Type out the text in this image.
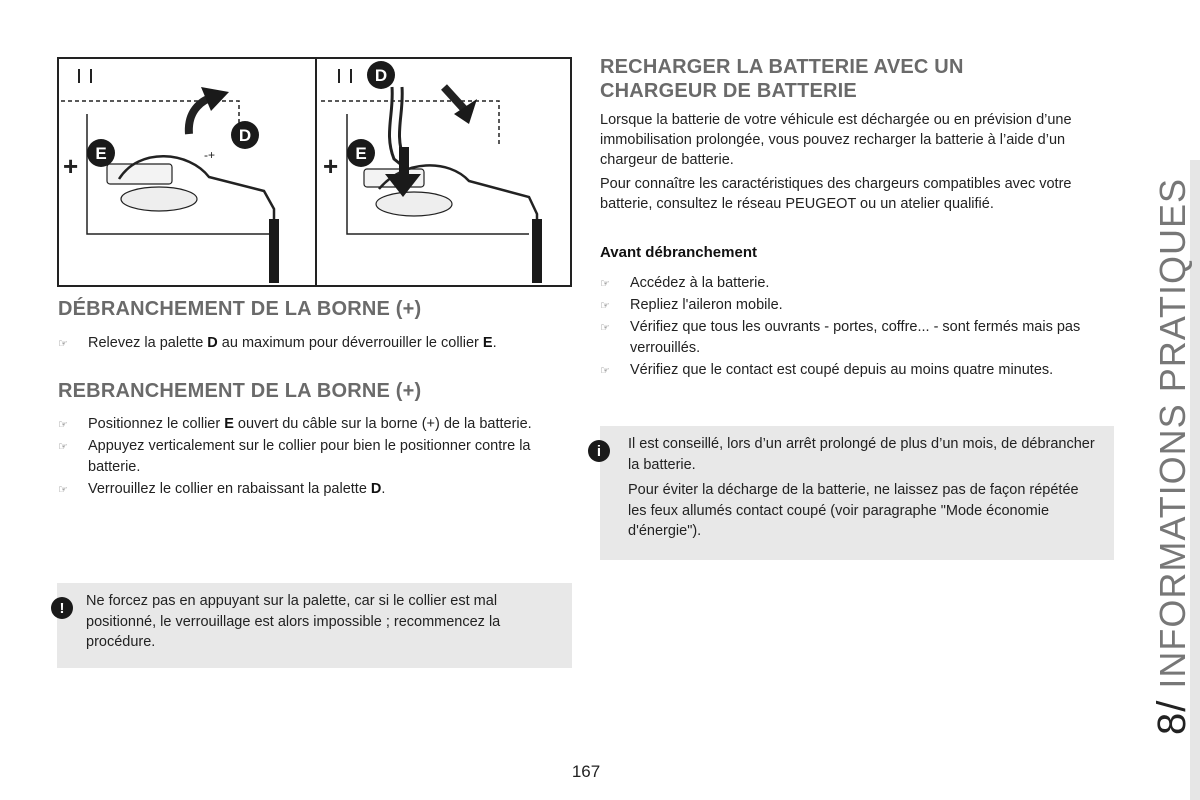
-+
E
D
+
D
E
+
DÉBRANCHEMENT DE LA BORNE (+)
☞ Relevez la palette D au maximum pour déverrouiller le collier E.
REBRANCHEMENT DE LA BORNE (+)
☞ Positionnez le collier E ouvert du câble sur la borne (+) de la batterie.
☞ Appuyez verticalement sur le collier pour bien le positionner contre la batterie.
☞ Verrouillez le collier en rabaissant la palette D.
!	Ne forcez pas en appuyant sur la palette, car si le collier est mal positionné, le verrouillage est alors impossible ; recommencez la procédure.

RECHARGER LA BATTERIE AVEC UN
CHARGEUR DE BATTERIE

Lorsque la batterie de votre véhicule est déchargée ou en prévision d’une immobilisation prolongée, vous pouvez recharger la batterie à l’aide d’un chargeur de batterie.

Pour connaître les caractéristiques des chargeurs compatibles avec votre batterie, consultez le réseau PEUGEOT ou un atelier qualifié.

Avant débranchement
☞ Accédez à la batterie.
☞ Repliez l'aileron mobile.
☞ Vérifiez que tous les ouvrants - portes, coffre... - sont fermés mais pas verrouillés.
☞ Vérifiez que le contact est coupé depuis au moins quatre minutes.
i	Il est conseillé, lors d’un arrêt prolongé de plus d’un mois, de débrancher la batterie.

Pour éviter la décharge de la batterie, ne laissez pas de façon répétée les feux allumés contact coupé (voir paragraphe "Mode économie d'énergie").

8/ INFORMATIONS PRATIQUES
167
